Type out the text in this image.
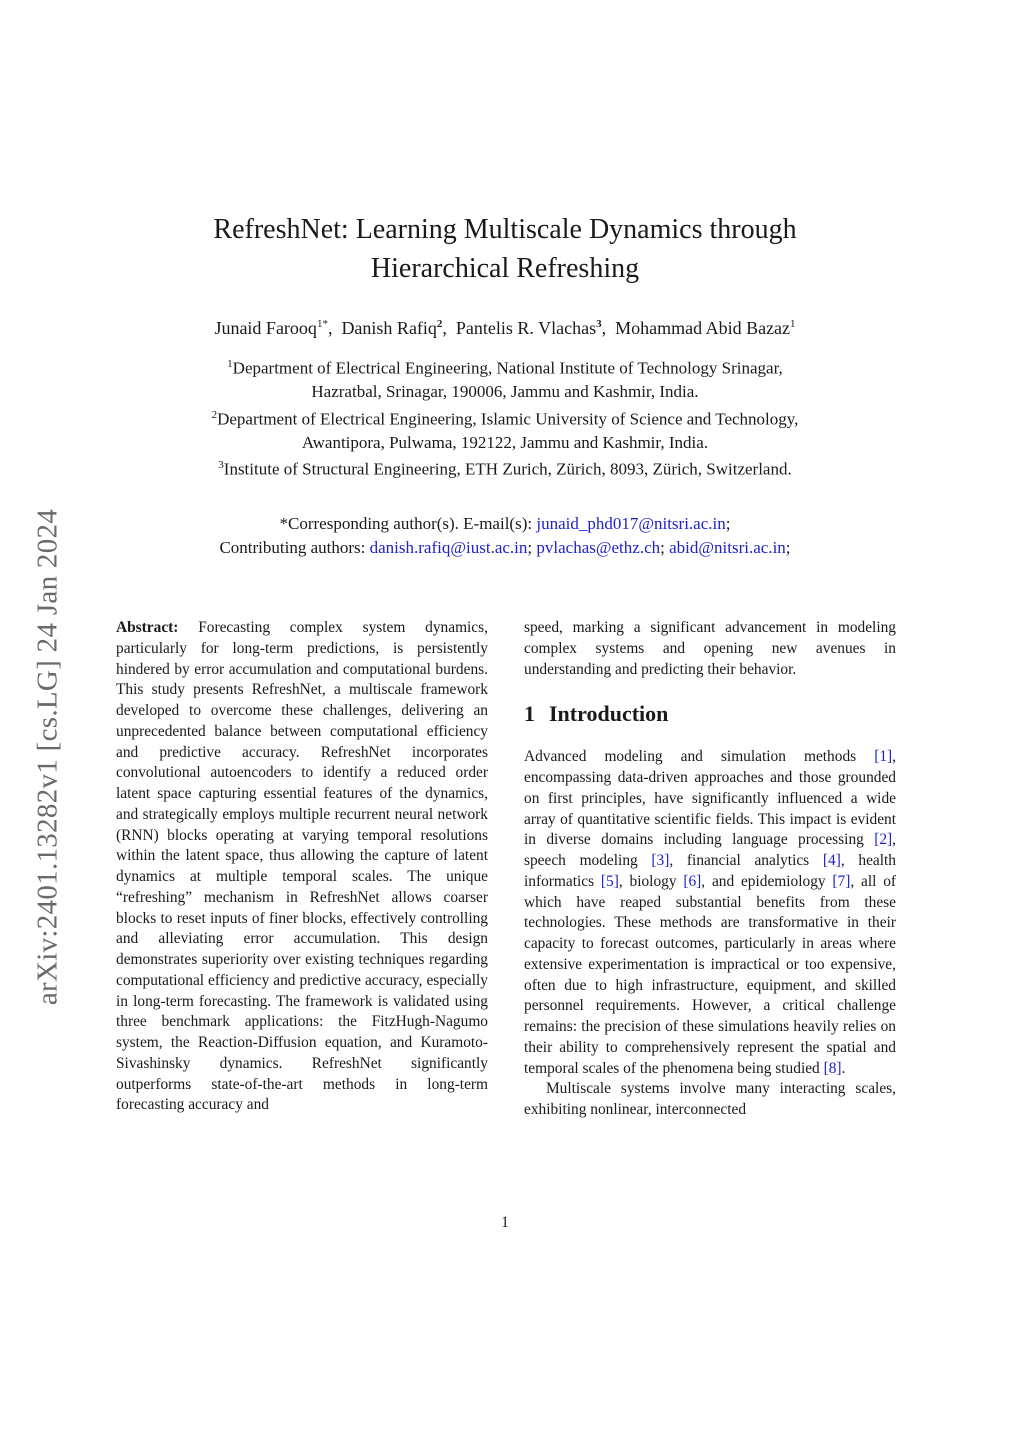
arXiv:2401.13282v1 [cs.LG] 24 Jan 2024
RefreshNet: Learning Multiscale Dynamics through
Hierarchical Refreshing
Junaid Farooq$^{1*}$,  Danish Rafiq$^2$,  Pantelis R. Vlachas$^3$,  Mohammad Abid Bazaz$^1$
$^1$Department of Electrical Engineering, National Institute of Technology Srinagar,
Hazratbal, Srinagar, 190006, Jammu and Kashmir, India.
$^2$Department of Electrical Engineering, Islamic University of Science and Technology,
Awantipora, Pulwama, 192122, Jammu and Kashmir, India.
$^3$Institute of Structural Engineering, ETH Zurich, Zürich, 8093, Zürich, Switzerland.
*Corresponding author(s). E-mail(s): junaid_phd017@nitsri.ac.in;
Contributing authors: danish.rafiq@iust.ac.in; pvlachas@ethz.ch; abid@nitsri.ac.in;

Abstract: Forecasting complex system dynamics, particularly for long-term predictions, is persistently hindered by error accumulation and computational burdens. This study presents RefreshNet, a multiscale framework developed to overcome these challenges, delivering an unprecedented balance between computational efficiency and predictive accuracy. RefreshNet incorporates convolutional autoencoders to identify a reduced order latent space capturing essential features of the dynamics, and strategically employs multiple recurrent neural network (RNN) blocks operating at varying temporal resolutions within the latent space, thus allowing the capture of latent dynamics at multiple temporal scales. The unique “refreshing” mechanism in RefreshNet allows coarser blocks to reset inputs of finer blocks, effectively controlling and alleviating error accumulation. This design demonstrates superiority over existing techniques regarding computational efficiency and predictive accuracy, especially in long-term forecasting. The framework is validated using three benchmark applications: the FitzHugh-Nagumo system, the Reaction-Diffusion equation, and Kuramoto-Sivashinsky dynamics. RefreshNet significantly outperforms state-of-the-art methods in long-term forecasting accuracy and

speed, marking a significant advancement in modeling complex systems and opening new avenues in understanding and predicting their behavior.

1 Introduction

Advanced modeling and simulation methods [1], encompassing data-driven approaches and those grounded on first principles, have significantly influenced a wide array of quantitative scientific fields. This impact is evident in diverse domains including language processing [2], speech modeling [3], financial analytics [4], health informatics [5], biology [6], and epidemiology [7], all of which have reaped substantial benefits from these technologies. These methods are transformative in their capacity to forecast outcomes, particularly in areas where extensive experimentation is impractical or too expensive, often due to high infrastructure, equipment, and skilled personnel requirements. However, a critical challenge remains: the precision of these simulations heavily relies on their ability to comprehensively represent the spatial and temporal scales of the phenomena being studied [8].

Multiscale systems involve many interacting scales, exhibiting nonlinear, interconnected

1
